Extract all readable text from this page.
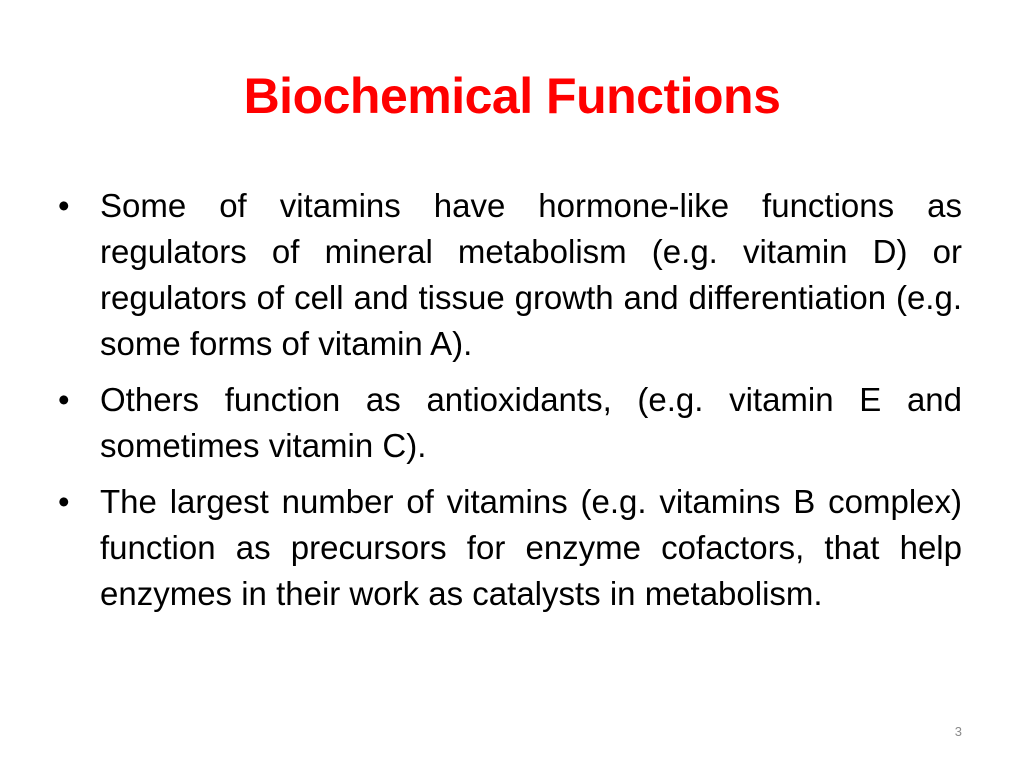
Biochemical Functions
• Some of vitamins have hormone-like functions as regulators of mineral metabolism (e.g. vitamin D) or regulators of cell and tissue growth and differentiation (e.g. some forms of vitamin A).
• Others function as antioxidants, (e.g. vitamin E and sometimes vitamin C).
• The largest number of vitamins (e.g. vitamins B complex) function as precursors for enzyme cofactors, that help enzymes in their work as catalysts in metabolism.
3
